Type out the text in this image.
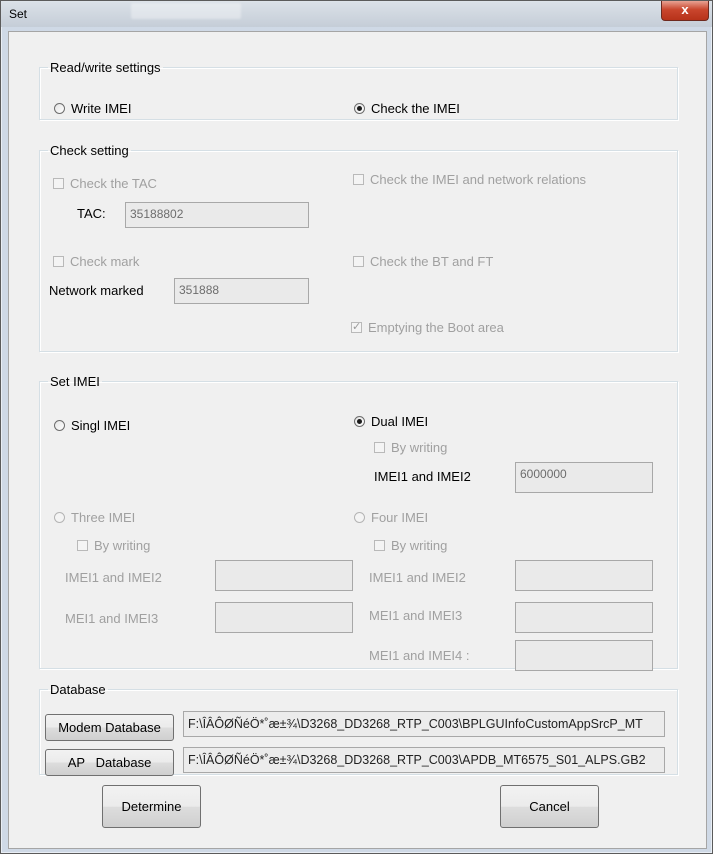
Set	x
Read/write settings
Write IMEI	Check the IMEI
Check setting
Check the TAC
TAC:	35188802
Check the IMEI and network relations
Check mark
Network marked	351888
Check the BT and FT
✓ Emptying the Boot area
Set IMEI
Singl IMEI	Dual IMEI
By writing
IMEI1 and IMEI2	6000000
Three IMEI
By writing
IMEI1 and IMEI2
MEI1 and IMEI3
Four IMEI
By writing
IMEI1 and IMEI2
MEI1 and IMEI3
MEI1 and IMEI4 :
Database
Modem Database	F:\ÎÂÔØÑéÖ*˚æ±¾\D3268_DD3268_RTP_C003\BPLGUInfoCustomAppSrcP_MT
AP   Database	F:\ÎÂÔØÑéÖ*˚æ±¾\D3268_DD3268_RTP_C003\APDB_MT6575_S01_ALPS.GB2
Determine	Cancel
